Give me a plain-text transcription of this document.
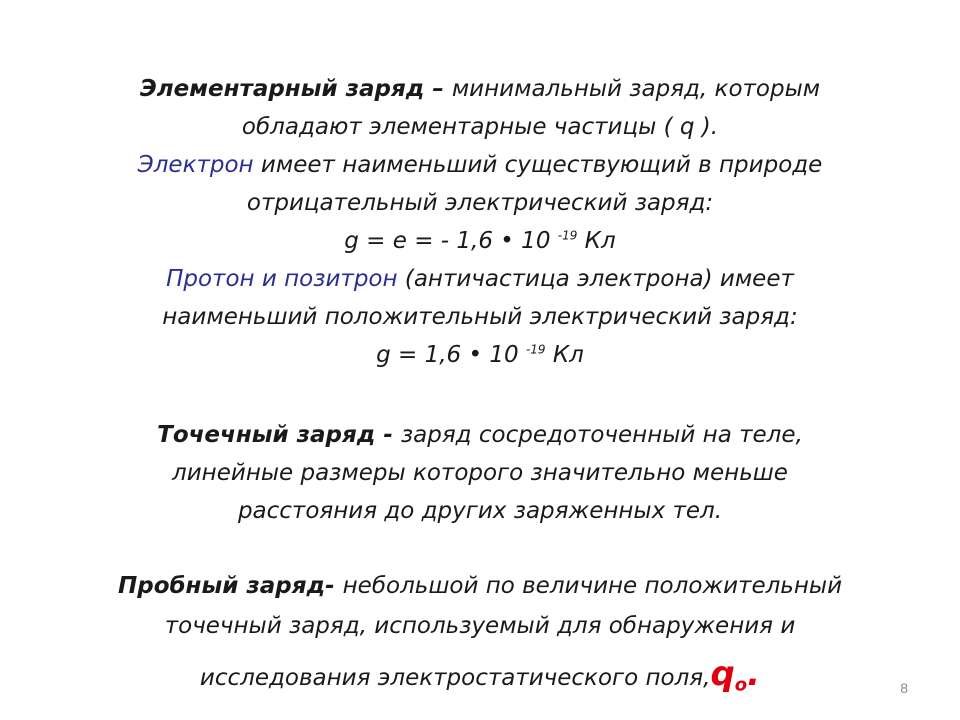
Элементарный заряд – минимальный заряд, которым
обладают элементарные частицы ( q ).
Электрон имеет наименьший существующий в природе
отрицательный электрический заряд:
g = e = - 1,6 • 10 $^{-19}$ Кл
Протон и позитрон (античастица электрона) имеет
наименьший положительный электрический заряд:
g = 1,6 • 10 $^{-19}$ Кл
Точечный заряд - заряд сосредоточенный на теле,
линейные размеры которого значительно меньше
расстояния до других заряженных тел.
Пробный заряд- небольшой по величине положительный
точечный заряд, используемый для обнаружения и
исследования электростатического $поля,q_o$.	8
